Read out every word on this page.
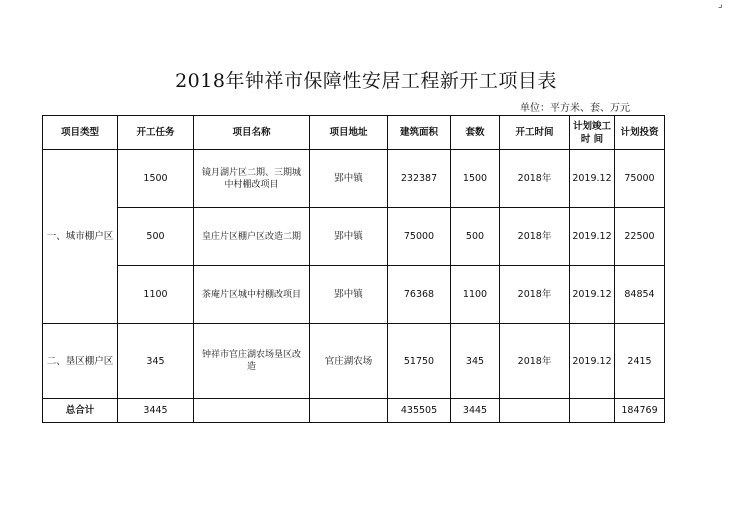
⌟
2018年钟祥市保障性安居工程新开工项目表
单位：平方米、套、万元
项目类型	开工任务	项目名称	项目地址	建筑面积	套数	开工时间	计划竣工时 间	计划投资
一、城市棚户区	1500	镜月湖片区二期、三期城中村棚改项目	郢中镇	232387	1500	2018年	2019.12	75000
	500	皇庄片区棚户区改造二期	郢中镇	75000	500	2018年	2019.12	22500
	1100	茶庵片区城中村棚改项目	郢中镇	76368	1100	2018年	2019.12	84854
二、垦区棚户区	345	钟祥市官庄湖农场垦区改造	官庄湖农场	51750	345	2018年	2019.12	2415
总合计	3445			435505	3445			184769
